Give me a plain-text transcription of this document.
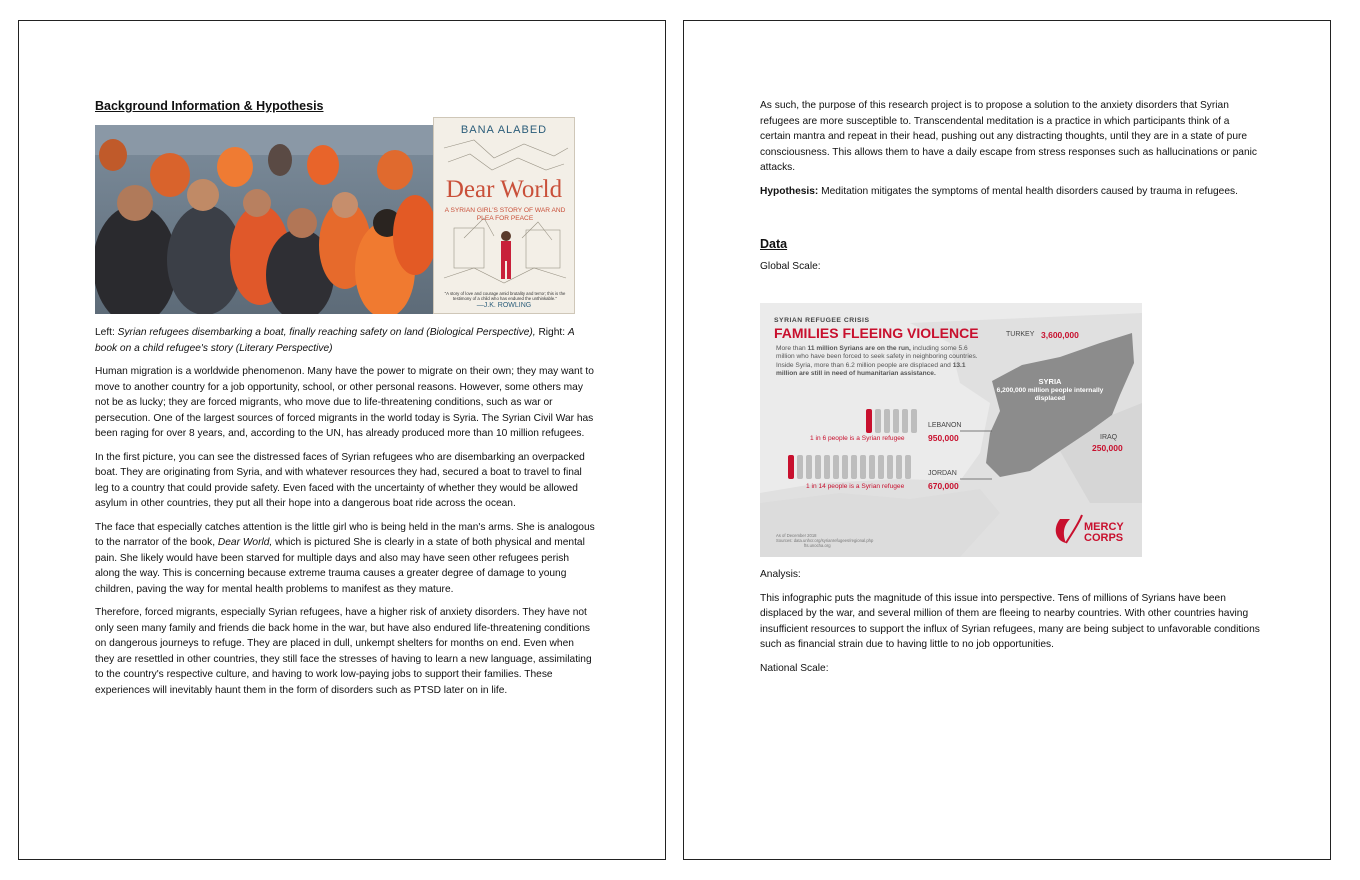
Background Information & Hypothesis
BANA ALABED
Dear World
A SYRIAN GIRL'S STORY OF WAR AND PLEA FOR PEACE
"A story of love and courage amid brutality and terror; this is the testimony of a child who has endured the unthinkable."
—J.K. ROWLING

Left: Syrian refugees disembarking a boat, finally reaching safety on land (Biological Perspective), Right: A book on a child refugee's story (Literary Perspective)

Human migration is a worldwide phenomenon. Many have the power to migrate on their own; they may want to move to another country for a job opportunity, school, or other personal reasons. However, some others may not be as lucky; they are forced migrants, who move due to life-threatening conditions, such as war or persecution. One of the largest sources of forced migrants in the world today is Syria. The Syrian Civil War has been raging for over 8 years, and, according to the UN, has already produced more than 10 million refugees.

In the first picture, you can see the distressed faces of Syrian refugees who are disembarking an overpacked boat. They are originating from Syria, and with whatever resources they had, secured a boat to travel to final leg to a country that could provide safety. Even faced with the uncertainty of whether they would be allowed asylum in other countries, they put all their hope into a dangerous boat ride across the ocean.

The face that especially catches attention is the little girl who is being held in the man's arms. She is analogous to the narrator of the book, Dear World, which is pictured She is clearly in a state of both physical and mental pain. She likely would have been starved for multiple days and also may have seen other refugees perish along the way. This is concerning because extreme trauma causes a greater degree of damage to young children, paving the way for mental health problems to manifest as they mature.

Therefore, forced migrants, especially Syrian refugees, have a higher risk of anxiety disorders. They have not only seen many family and friends die back home in the war, but have also endured life-threatening conditions on dangerous journeys to refuge. They are placed in dull, unkempt shelters for months on end. Even when they are resettled in other countries, they still face the stresses of having to learn a new language, assimilating to the country's respective culture, and having to work low-paying jobs to support their families. These experiences will inevitably haunt them in the form of disorders such as PTSD later on in life.

As such, the purpose of this research project is to propose a solution to the anxiety disorders that Syrian refugees are more susceptible to. Transcendental meditation is a practice in which participants think of a certain mantra and repeat in their head, pushing out any distracting thoughts, until they are in a state of pure consciousness. This allows them to have a daily escape from stress responses such as hallucinations or panic attacks.

Hypothesis: Meditation mitigates the symptoms of mental health disorders caused by trauma in refugees.

Data

Global Scale:

SYRIAN REFUGEE CRISIS
FAMILIES FLEEING VIOLENCE
More than 11 million Syrians are on the run, including some 5.6 million who have been forced to seek safety in neighboring countries. Inside Syria, more than 6.2 million people are displaced and 13.1 million are still in need of humanitarian assistance.
TURKEY 3,600,000
SYRIA
6,200,000 million people internally displaced
IRAQ
250,000
LEBANON
950,000
1 in 6 people is a Syrian refugee
JORDAN
670,000
1 in 14 people is a Syrian refugee
As of December 2018
Sources: data.unhcr.org/syrianrefugees/regional.php
fts.unocha.org
MERCY
CORPS

Analysis:

This infographic puts the magnitude of this issue into perspective. Tens of millions of Syrians have been displaced by the war, and several million of them are fleeing to nearby countries. With other countries having insufficient resources to support the influx of Syrian refugees, many are being subject to unfavorable conditions such as financial strain due to having little to no job opportunities.

National Scale:
